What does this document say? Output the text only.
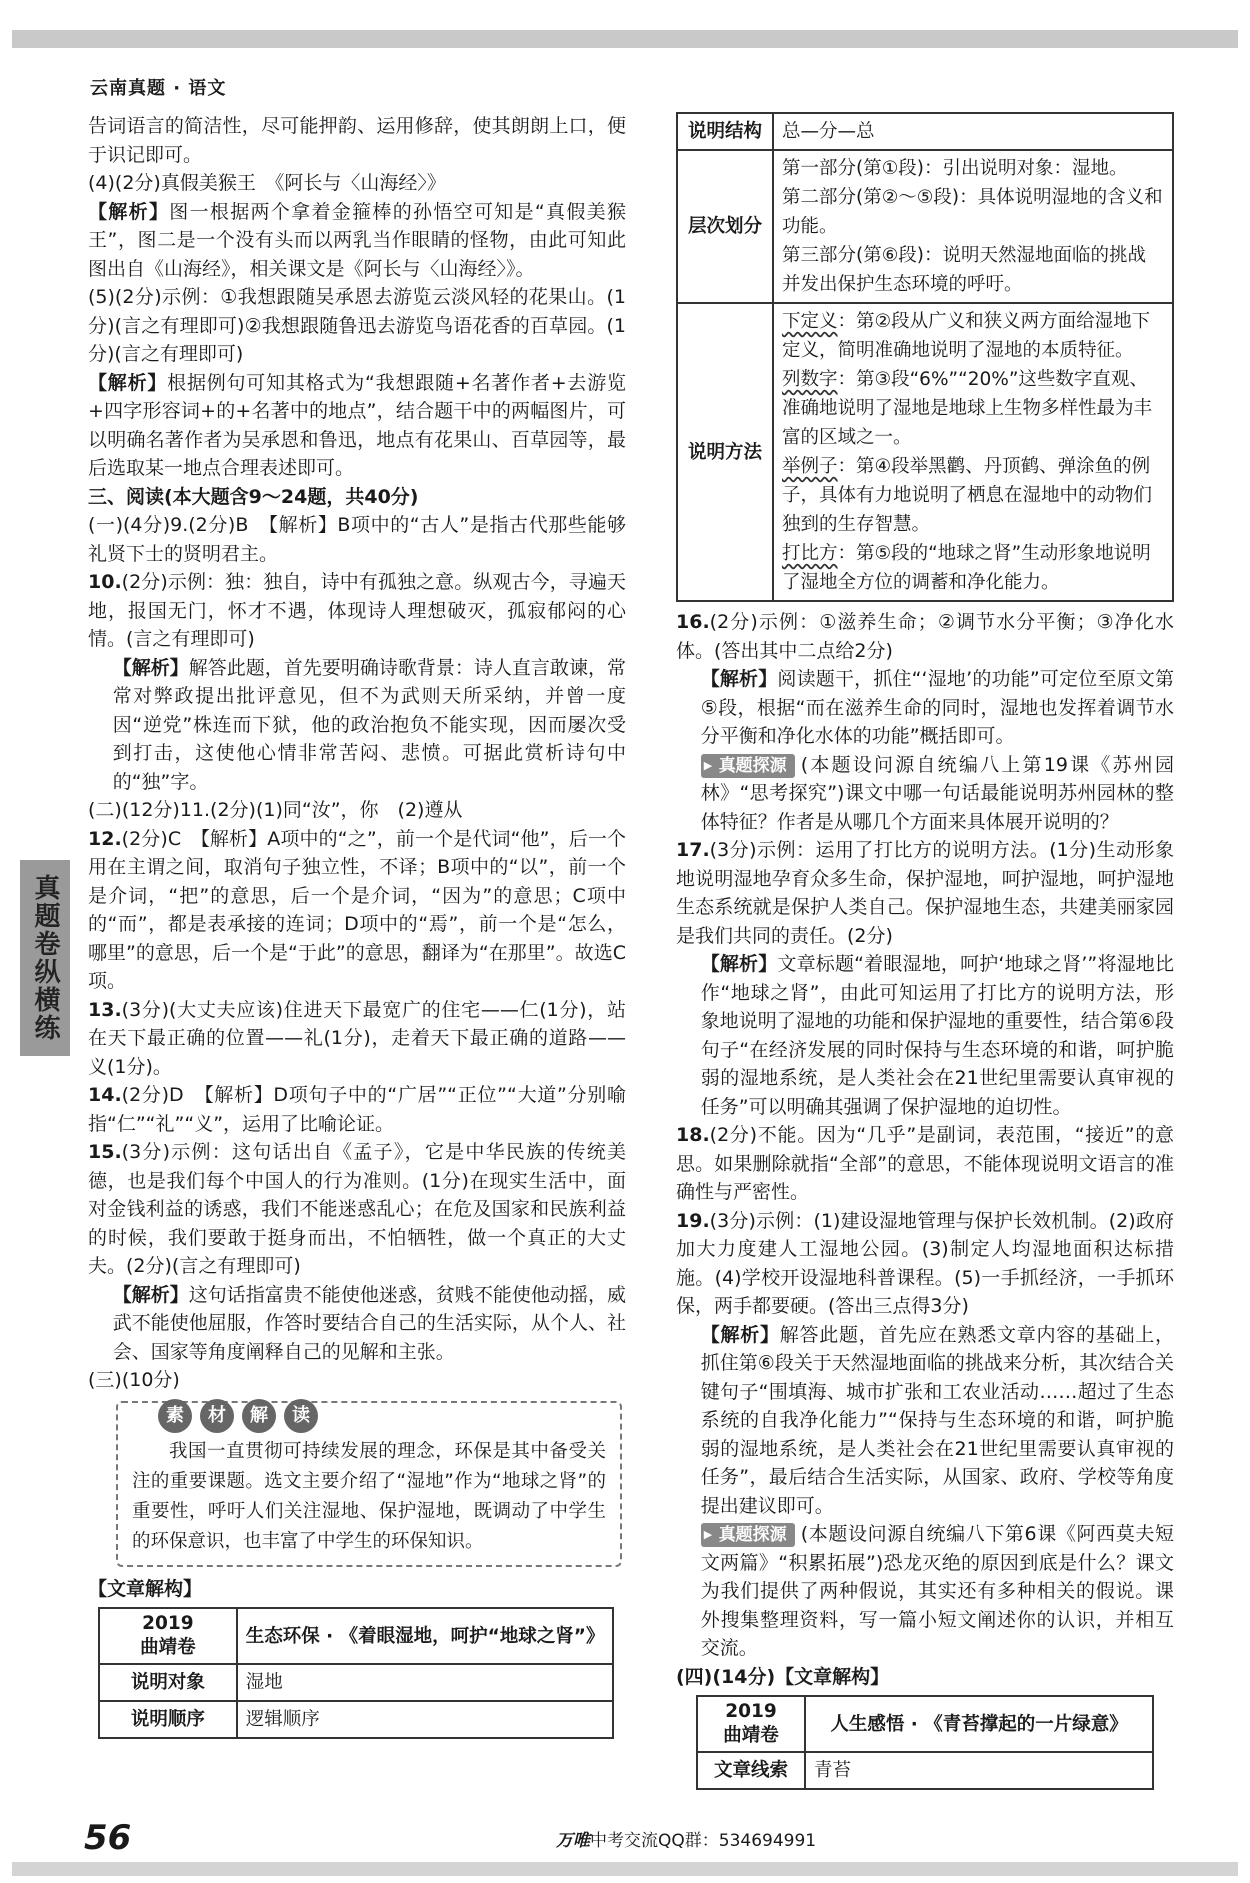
云南真题 · 语文
真题卷纵横练

告词语言的简洁性，尽可能押韵、运用修辞，使其朗朗上口，便于识记即可。

(4)(2分)真假美猴王　《阿长与〈山海经〉》

【解析】图一根据两个拿着金箍棒的孙悟空可知是“真假美猴王”，图二是一个没有头而以两乳当作眼睛的怪物，由此可知此图出自《山海经》，相关课文是《阿长与〈山海经〉》。

(5)(2分)示例：①我想跟随吴承恩去游览云淡风轻的花果山。(1分)(言之有理即可)②我想跟随鲁迅去游览鸟语花香的百草园。(1分)(言之有理即可)

【解析】根据例句可知其格式为“我想跟随+名著作者+去游览+四字形容词+的+名著中的地点”，结合题干中的两幅图片，可以明确名著作者为吴承恩和鲁迅，地点有花果山、百草园等，最后选取某一地点合理表述即可。

三、阅读(本大题含9～24题，共40分)

(一)(4分)9.(2分)B　【解析】B项中的“古人”是指古代那些能够礼贤下士的贤明君主。

10.(2分)示例：独：独自，诗中有孤独之意。纵观古今，寻遍天地，报国无门，怀才不遇，体现诗人理想破灭，孤寂郁闷的心情。(言之有理即可)

【解析】解答此题，首先要明确诗歌背景：诗人直言敢谏，常常对弊政提出批评意见，但不为武则天所采纳，并曾一度因“逆党”株连而下狱，他的政治抱负不能实现，因而屡次受到打击，这使他心情非常苦闷、悲愤。可据此赏析诗句中的“独”字。

(二)(12分)11.(2分)(1)同“汝”，你　(2)遵从

12.(2分)C　【解析】A项中的“之”，前一个是代词“他”，后一个用在主谓之间，取消句子独立性，不译；B项中的“以”，前一个是介词，“把”的意思，后一个是介词，“因为”的意思；C项中的“而”，都是表承接的连词；D项中的“焉”，前一个是“怎么，哪里”的意思，后一个是“于此”的意思，翻译为“在那里”。故选C项。

13.(3分)(大丈夫应该)住进天下最宽广的住宅——仁(1分)，站在天下最正确的位置——礼(1分)，走着天下最正确的道路——义(1分)。

14.(2分)D　【解析】D项句子中的“广居”“正位”“大道”分别喻指“仁”“礼”“义”，运用了比喻论证。

15.(3分)示例：这句话出自《孟子》，它是中华民族的传统美德，也是我们每个中国人的行为准则。(1分)在现实生活中，面对金钱利益的诱惑，我们不能迷惑乱心；在危及国家和民族利益的时候，我们要敢于挺身而出，不怕牺牲，做一个真正的大丈夫。(2分)(言之有理即可)

【解析】这句话指富贵不能使他迷惑，贫贱不能使他动摇，威武不能使他屈服，作答时要结合自己的生活实际，从个人、社会、国家等角度阐释自己的见解和主张。

(三)(10分)

素	材	解	读

我国一直贯彻可持续发展的理念，环保是其中备受关注的重要课题。选文主要介绍了“湿地”作为“地球之肾”的重要性，呼吁人们关注湿地、保护湿地，既调动了中学生的环保意识，也丰富了中学生的环保知识。

【文章解构】

2019
曲靖卷	生态环保 · 《着眼湿地，呵护“地球之肾”》
说明对象	湿地
说明顺序	逻辑顺序
说明结构	总—分—总
层次划分	第一部分(第①段)：引出说明对象：湿地。
第二部分(第②～⑤段)：具体说明湿地的含义和功能。
第三部分(第⑥段)：说明天然湿地面临的挑战并发出保护生态环境的呼吁。

说明方法	下定义：第②段从广义和狭义两方面给湿地下定义，简明准确地说明了湿地的本质特征。
列数字：第③段“6%”“20%”这些数字直观、准确地说明了湿地是地球上生物多样性最为丰富的区域之一。
举例子：第④段举黑鹳、丹顶鹤、弹涂鱼的例子，具体有力地说明了栖息在湿地中的动物们独到的生存智慧。
打比方：第⑤段的“地球之肾”生动形象地说明了湿地全方位的调蓄和净化能力。

16.(2分)示例：①滋养生命；②调节水分平衡；③净化水体。(答出其中二点给2分)

【解析】阅读题干，抓住“‘湿地’的功能”可定位至原文第⑤段，根据“而在滋养生命的同时，湿地也发挥着调节水分平衡和净化水体的功能”概括即可。

▶ 真题探源 (本题设问源自统编八上第19课《苏州园林》“思考探究”)课文中哪一句话最能说明苏州园林的整体特征？作者是从哪几个方面来具体展开说明的？

17.(3分)示例：运用了打比方的说明方法。(1分)生动形象地说明湿地孕育众多生命，保护湿地，呵护湿地，呵护湿地生态系统就是保护人类自己。保护湿地生态，共建美丽家园是我们共同的责任。(2分)

【解析】文章标题“着眼湿地，呵护‘地球之肾’”将湿地比作“地球之肾”，由此可知运用了打比方的说明方法，形象地说明了湿地的功能和保护湿地的重要性，结合第⑥段句子“在经济发展的同时保持与生态环境的和谐，呵护脆弱的湿地系统，是人类社会在21世纪里需要认真审视的任务”可以明确其强调了保护湿地的迫切性。

18.(2分)不能。因为“几乎”是副词，表范围，“接近”的意思。如果删除就指“全部”的意思，不能体现说明文语言的准确性与严密性。

19.(3分)示例：(1)建设湿地管理与保护长效机制。(2)政府加大力度建人工湿地公园。(3)制定人均湿地面积达标措施。(4)学校开设湿地科普课程。(5)一手抓经济，一手抓环保，两手都要硬。(答出三点得3分)

【解析】解答此题，首先应在熟悉文章内容的基础上，抓住第⑥段关于天然湿地面临的挑战来分析，其次结合关键句子“围填海、城市扩张和工农业活动……超过了生态系统的自我净化能力”“保持与生态环境的和谐，呵护脆弱的湿地系统，是人类社会在21世纪里需要认真审视的任务”，最后结合生活实际，从国家、政府、学校等角度提出建议即可。

▶ 真题探源 (本题设问源自统编八下第6课《阿西莫夫短文两篇》“积累拓展”)恐龙灭绝的原因到底是什么？课文为我们提供了两种假说，其实还有多种相关的假说。课外搜集整理资料，写一篇小短文阐述你的认识，并相互交流。

(四)(14分)【文章解构】

2019
曲靖卷	人生感悟 · 《青苔撑起的一片绿意》
文章线索	青苔
56	万唯中考交流QQ群：534694991
